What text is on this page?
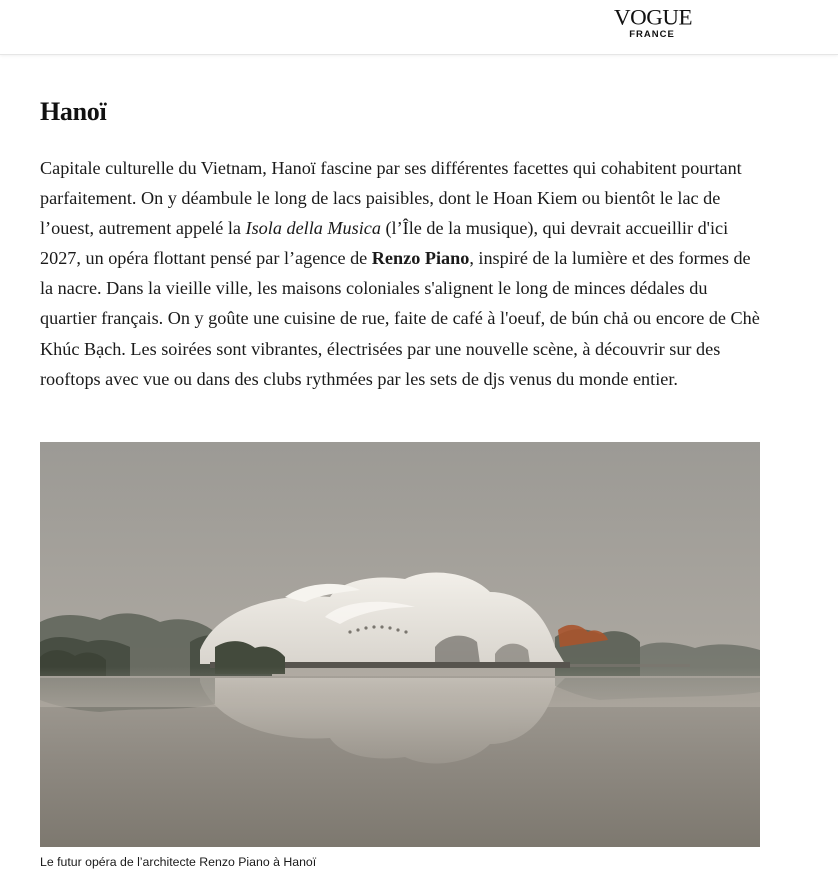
VOGUE
FRANCE
Hanoï

Capitale culturelle du Vietnam, Hanoï fascine par ses différentes facettes qui cohabitent pourtant parfaitement. On y déambule le long de lacs paisibles, dont le Hoan Kiem ou bientôt le lac de l’ouest, autrement appelé la Isola della Musica (l’Île de la musique), qui devrait accueillir d'ici 2027, un opéra flottant pensé par l’agence de Renzo Piano, inspiré de la lumière et des formes de la nacre. Dans la vieille ville, les maisons coloniales s'alignent le long de minces dédales du quartier français. On y goûte une cuisine de rue, faite de café à l'oeuf, de bún chả ou encore de Chè Khúc Bạch. Les soirées sont vibrantes, électrisées par une nouvelle scène, à découvrir sur des rooftops avec vue ou dans des clubs rythmées par les sets de djs venus du monde entier.

Le futur opéra de l’architecte Renzo Piano à Hanoï
